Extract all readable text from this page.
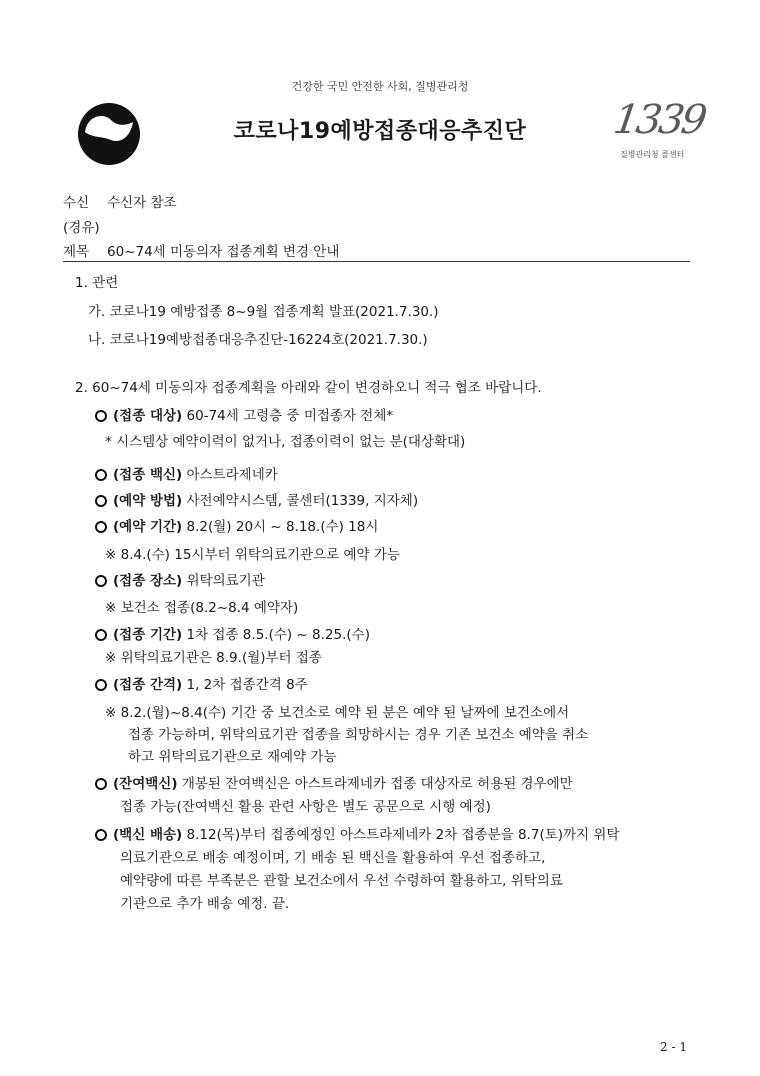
건강한 국민 안전한 사회, 질병관리청
코로나19예방접종대응추진단	1339
질병관리청 콜센터
수신 수신자 참조
(경유)
제목 60~74세 미동의자 접종계획 변경 안내
1. 관련
가. 코로나19 예방접종 8~9월 접종계획 발표(2021.7.30.)
나. 코로나19예방접종대응추진단-16224호(2021.7.30.)
2. 60~74세 미동의자 접종계획을 아래와 같이 변경하오니 적극 협조 바랍니다.
(접종 대상) 60-74세 고령층 중 미접종자 전체*
* 시스템상 예약이력이 없거나, 접종이력이 없는 분(대상확대)
(접종 백신) 아스트라제네카
(예약 방법) 사전예약시스템, 콜센터(1339, 지자체)
(예약 기간) 8.2(월) 20시 ~ 8.18.(수) 18시
※ 8.4.(수) 15시부터 위탁의료기관으로 예약 가능
(접종 장소) 위탁의료기관
※ 보건소 접종(8.2~8.4 예약자)
(접종 기간) 1차 접종 8.5.(수) ~ 8.25.(수)
※ 위탁의료기관은 8.9.(월)부터 접종
(접종 간격) 1, 2차 접종간격 8주
※ 8.2.(월)~8.4(수) 기간 중 보건소로 예약 된 분은 예약 된 날짜에 보건소에서
접종 가능하며, 위탁의료기관 접종을 희망하시는 경우 기존 보건소 예약을 취소
하고 위탁의료기관으로 재예약 가능
(잔여백신) 개봉된 잔여백신은 아스트라제네카 접종 대상자로 허용된 경우에만
접종 가능(잔여백신 활용 관련 사항은 별도 공문으로 시행 예정)
(백신 배송) 8.12(목)부터 접종예정인 아스트라제네카 2차 접종분을 8.7(토)까지 위탁
의료기관으로 배송 예정이며, 기 배송 된 백신을 활용하여 우선 접종하고,
예약량에 따른 부족분은 관할 보건소에서 우선 수령하여 활용하고, 위탁의료
기관으로 추가 배송 예정. 끝.
2 - 1
